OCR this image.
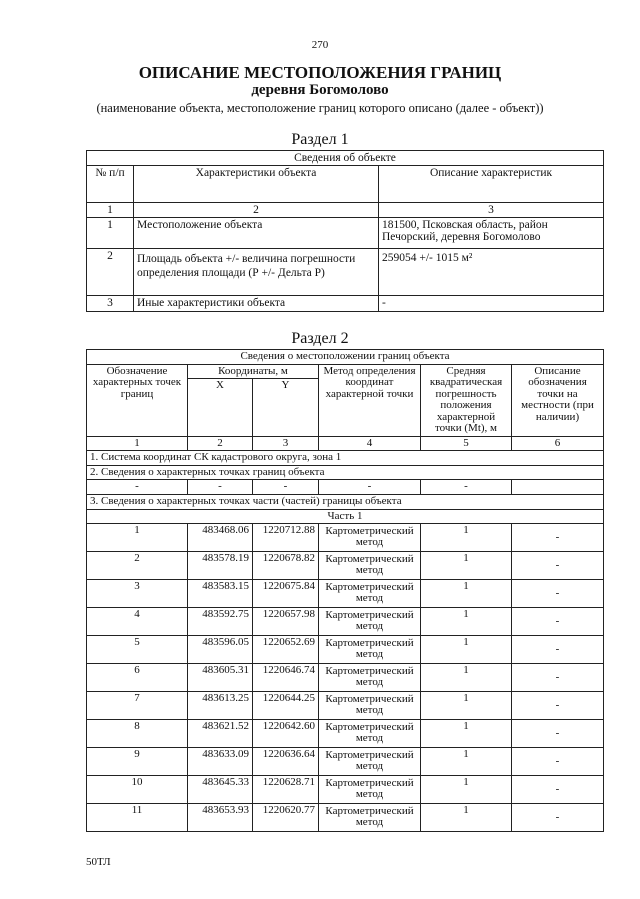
270
ОПИСАНИЕ МЕСТОПОЛОЖЕНИЯ ГРАНИЦ
деревня Богомолово
(наименование объекта, местоположение границ которого описано (далее - объект))
Раздел 1
Сведения об объекте		
№ п/п	Характеристики объекта	Описание характеристик
1	2	3
1	Местоположение объекта	181500, Псковская область, район Печорский, деревня Богомолово
2	Площадь объекта +/- величина погрешности определения площади (Р +/- Дельта Р)	259054 +/- 1015 м²
3	Иные характеристики объекта	-
Раздел 2
Сведения о местоположении границ объекта					
Обозначение характерных точек границ	Координаты, м		Метод определения координат характерной точки	Средняя квадратическая погрешность положения характерной точки (Mt), м	Описание обозначения точки на местности (при наличии)
	X	Y			
1	2	3	4	5	6
1. Система координат СК кадастрового округа, зона 1					
2. Сведения о характерных точках границ объекта					
-	-	-	-	-	
3. Сведения о характерных точках части (частей) границы объекта					
Часть 1					
1	483468.06	1220712.88	Картометрический метод	1	-
2	483578.19	1220678.82	Картометрический метод	1	-
3	483583.15	1220675.84	Картометрический метод	1	-
4	483592.75	1220657.98	Картометрический метод	1	-
5	483596.05	1220652.69	Картометрический метод	1	-
6	483605.31	1220646.74	Картометрический метод	1	-
7	483613.25	1220644.25	Картометрический метод	1	-
8	483621.52	1220642.60	Картометрический метод	1	-
9	483633.09	1220636.64	Картометрический метод	1	-
10	483645.33	1220628.71	Картометрический метод	1	-
11	483653.93	1220620.77	Картометрический метод	1	-
50ТЛ
